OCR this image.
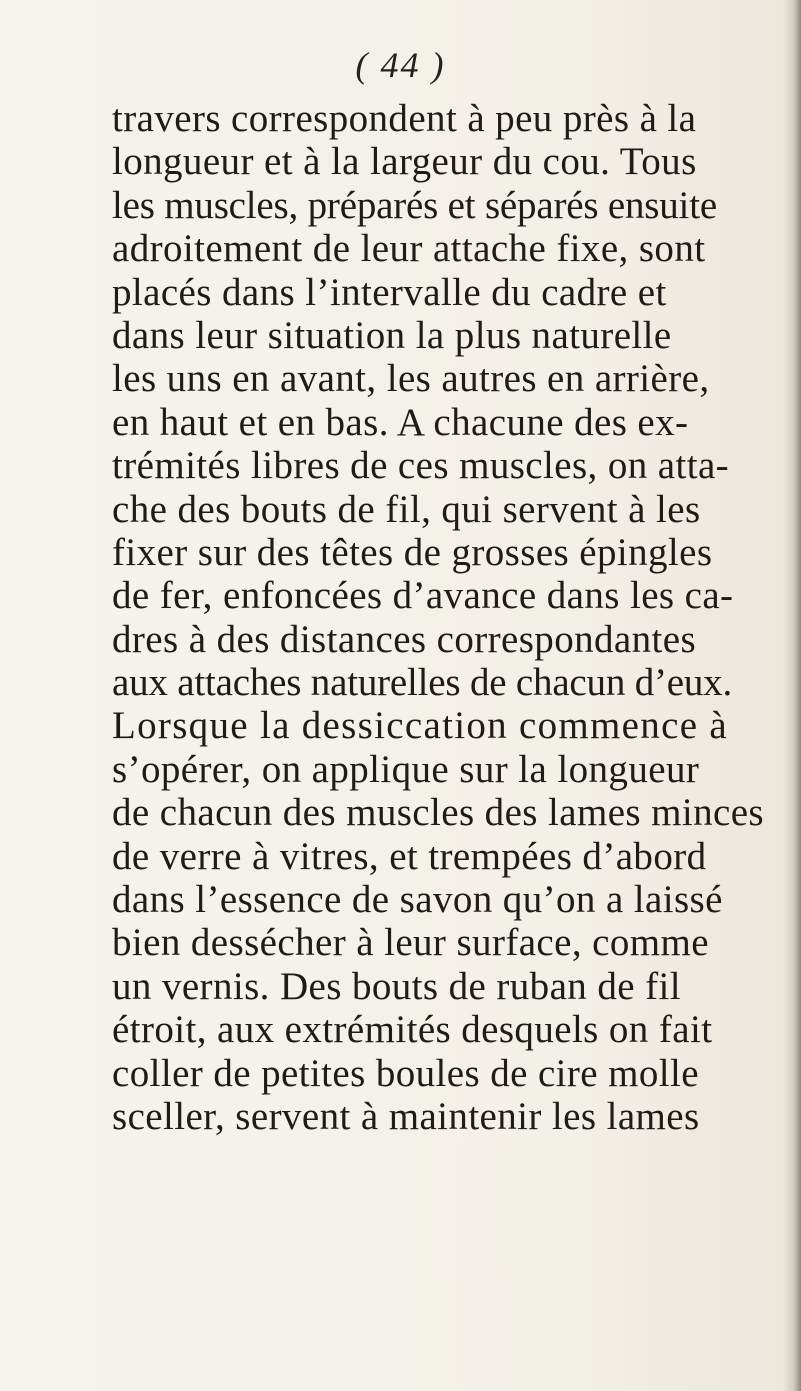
( 44 )
travers correspondent à peu près à la
longueur et à la largeur du cou. Tous
les muscles, préparés et séparés ensuite
adroitement de leur attache fixe, sont
placés dans l’intervalle du cadre et
dans leur situation la plus naturelle
les uns en avant, les autres en arrière,
en haut et en bas. A chacune des ex-
trémités libres de ces muscles, on atta-
che des bouts de fil, qui servent à les
fixer sur des têtes de grosses épingles
de fer, enfoncées d’avance dans les ca-
dres à des distances correspondantes
aux attaches naturelles de chacun d’eux.
Lorsque la dessiccation commence à
s’opérer, on applique sur la longueur
de chacun des muscles des lames minces
de verre à vitres, et trempées d’abord
dans l’essence de savon qu’on a laissé
bien dessécher à leur surface, comme
un vernis. Des bouts de ruban de fil
étroit, aux extrémités desquels on fait
coller de petites boules de cire molle
sceller, servent à maintenir les lames
